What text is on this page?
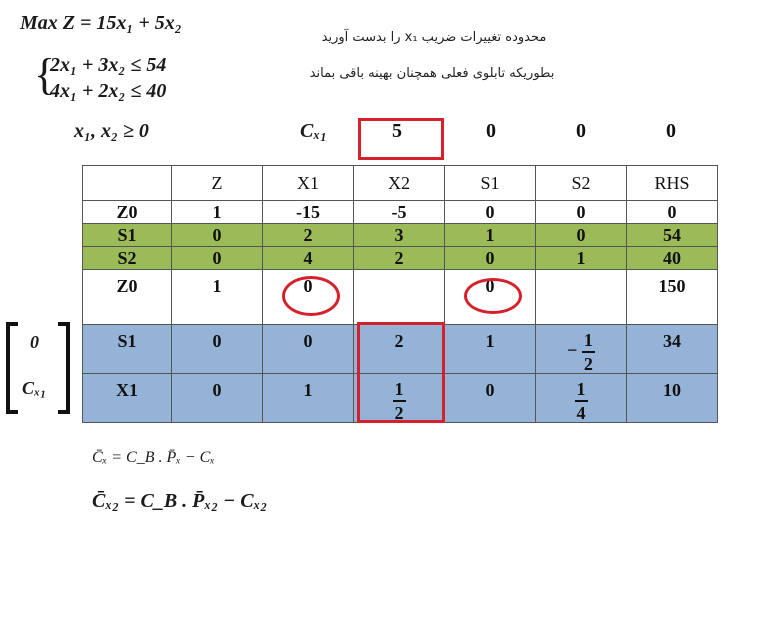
Max Z = 15x₁ + 5x₂
{
2x₁ + 3x₂ ≤ 54
4x₁ + 2x₂ ≤ 40
x₁, x₂ ≥ 0
محدوده تغییرات ضریب x₁ را بدست آورید
بطوریکه تابلوی فعلی همچنان بهینه باقی بماند
Cₓ₁	5	0	0	0
	Z	X1	X2	S1	S2	RHS
Z0	1	-15	-5	0	0	0
S1	0	2	3	1	0	54
S2	0	4	2	0	1	40
Z0	1	0		0		150
S1	0	0	2	1	− $\frac{1}{2}$	34
X1	0	1	$\frac{1}{2}$	0	$\frac{1}{4}$	10
0
Cₓ₁
C̄ₓ = C_B . P̄ₓ − Cₓ
C̄ₓ₂ = C_B . P̄ₓ₂ − Cₓ₂
